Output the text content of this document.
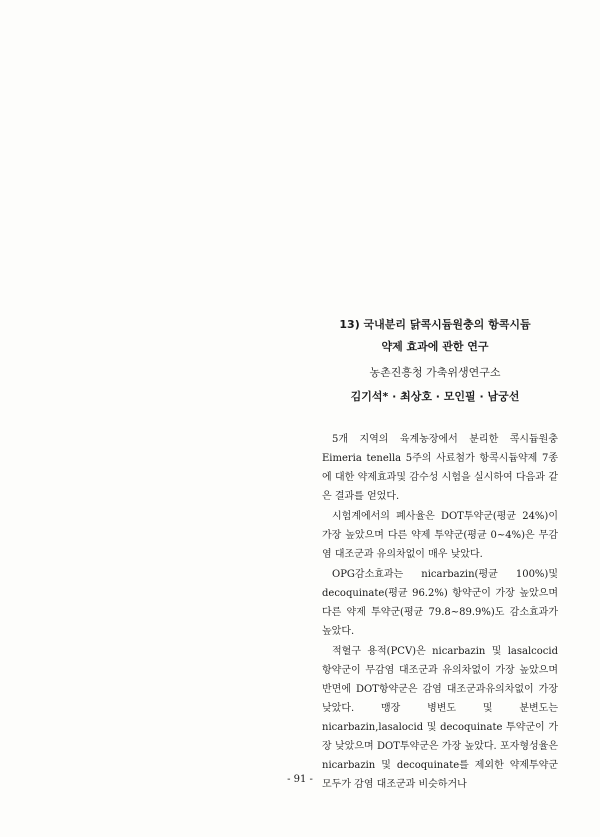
13) 국내분리 닭콕시듐원충의 항콕시듐
약제 효과에 관한 연구
농촌진흥청 가축위생연구소
김기석* · 최상호 · 모인필 · 남궁선

5개 지역의 육계농장에서 분리한 콕시듐원충 Eimeria tenella 5주의 사료첨가 항콕시듐약제 7종에 대한 약제효과및 감수성 시험을 실시하여 다음과 같은 결과를 얻었다.

시험계에서의 폐사율은 DOT투약군(평균 24%)이 가장 높았으며 다른 약제 투약군(평균 0~4%)은 무감염 대조군과 유의차없이 매우 낮았다.

OPG감소효과는 nicarbazin(평균 100%)및decoquinate(평균 96.2%) 항약군이 가장 높았으며 다른 약제 투약군(평균 79.8~89.9%)도 감소효과가 높았다.

적혈구 용적(PCV)은 nicarbazin 및 lasalcocid 항약군이 무감염 대조군과 유의차없이 가장 높았으며 반면에 DOT항약군은 감염 대조군과유의차없이 가장 낮았다. 맹장 병변도 및 분변도는 nicarbazin,lasalocid 및 decoquinate 투약군이 가장 낮았으며 DOT투약군은 가장 높았다. 포자형성율은 nicarbazin 및 decoquinate를 제외한 약제투약군 모두가 감염 대조군과 비슷하거나

- 91 -
